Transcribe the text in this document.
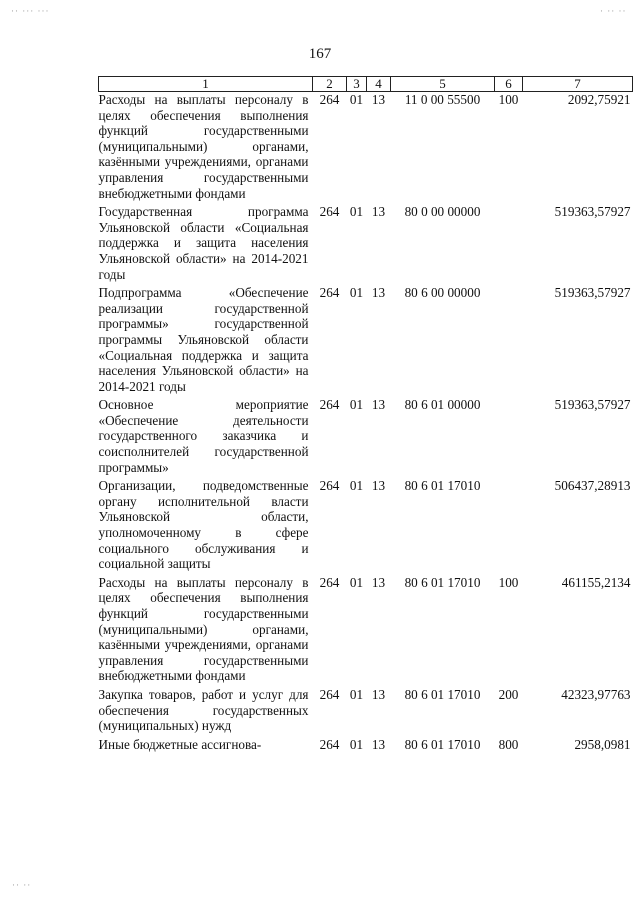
·· ··· ···	· ·· ··
·· ··
167
1	2	3	4	5	6	7
Расходы на выплаты персоналу в целях обеспечения выполнения функций государственными (муниципальными) органами, казёнными учреждениями, органами управления государственными внебюджетными фондами	264	01	13	11 0 00 55500	100	2092,75921
Государственная программа Ульяновской области «Социальная поддержка и защита населения Ульяновской области» на 2014-2021 годы	264	01	13	80 0 00 00000		519363,57927
Подпрограмма «Обеспечение реализации государственной программы» государственной программы Ульяновской области «Социальная поддержка и защита населения Ульяновской области» на 2014-2021 годы	264	01	13	80 6 00 00000		519363,57927
Основное мероприятие «Обеспечение деятельности государственного заказчика и соисполнителей государственной программы»	264	01	13	80 6 01 00000		519363,57927
Организации, подведомственные органу исполнительной власти Ульяновской области, уполномоченному в сфере социального обслуживания и социальной защиты	264	01	13	80 6 01 17010		506437,28913
Расходы на выплаты персоналу в целях обеспечения выполнения функций государственными (муниципальными) органами, казёнными учреждениями, органами управления государственными внебюджетными фондами	264	01	13	80 6 01 17010	100	461155,2134
Закупка товаров, работ и услуг для обеспечения государственных (муниципальных) нужд	264	01	13	80 6 01 17010	200	42323,97763
Иные бюджетные ассигнова-	264	01	13	80 6 01 17010	800	2958,0981
